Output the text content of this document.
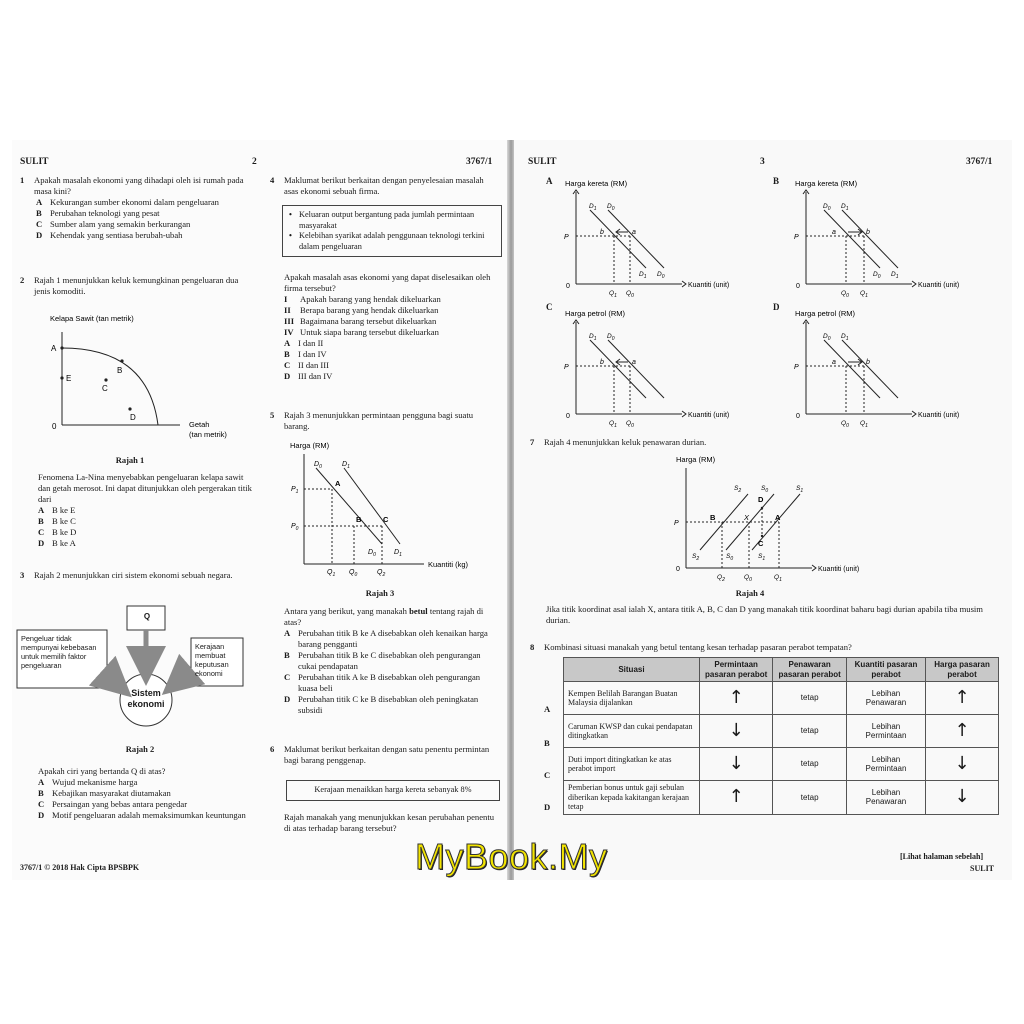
SULIT	2	3767/1
1 Apakah masalah ekonomi yang dihadapi oleh isi rumah pada masa kini?
A Kekurangan sumber ekonomi dalam pengeluaran
B Perubahan teknologi yang pesat
C Sumber alam yang semakin berkurangan
D Kehendak yang sentiasa berubah-ubah
2 Rajah 1 menunjukkan keluk kemungkinan pengeluaran dua jenis komoditi.
Kelapa Sawit (tan metrik)
A
E
B
C
D
0	Getah
(tan metrik)
Rajah 1
Fenomena La-Nina menyebabkan pengeluaran kelapa sawit dan getah merosot. Ini dapat ditunjukkan oleh pergerakan titik dari
A B ke E
B B ke C
C B ke D
D B ke A
3 Rajah 2 menunjukkan ciri sistem ekonomi sebuah negara.
Q
Pengeluar tidak mempunyai kebebasan untuk memilih faktor pengeluaran
Kerajaan membuat keputusan ekonomi
Sistem ekonomi
Rajah 2
Apakah ciri yang bertanda Q di atas?
A Wujud mekanisme harga
B Kebajikan masyarakat diutamakan
C Persaingan yang bebas antara pengedar
D Motif pengeluaran adalah memaksimumkan keuntungan
4 Maklumat berikut berkaitan dengan penyelesaian masalah asas ekonomi sebuah firma.
• Keluaran output bergantung pada jumlah permintaan masyarakat
• Kelebihan syarikat adalah penggunaan teknologi terkini dalam pengeluaran
Apakah masalah asas ekonomi yang dapat diselesaikan oleh firma tersebut?
I Apakah barang yang hendak dikeluarkan
II Berapa barang yang hendak dikeluarkan
III Bagaimana barang tersebut dikeluarkan
IV Untuk siapa barang tersebut dikeluarkan
A I dan II
B I dan IV
C II dan III
D III dan IV
5 Rajah 3 menunjukkan permintaan pengguna bagi suatu barang.
Harga (RM)
$D_0$	$D_1$
A
B	C
$D_0$	$D_1$
$P_1$
$P_0$
$Q_1$ $Q_0$	$Q_2$
Kuantiti (kg)
Rajah 3
Antara yang berikut, yang manakah betul tentang rajah di atas?
A Perubahan titik B ke A disebabkan oleh kenaikan harga barang pengganti
B Perubahan titik B ke C disebabkan oleh pengurangan cukai pendapatan
C Perubahan titik A ke B disebabkan oleh pengurangan kuasa beli
D Perubahan titik C ke B disebabkan oleh peningkatan subsidi
6 Maklumat berikut berkaitan dengan satu penentu permintan bagi barang penggenap.
Kerajaan menaikkan harga kereta sebanyak 8%
Rajah manakah yang menunjukkan kesan perubahan penentu di atas terhadap barang tersebut?
3767/1 © 2018 Hak Cipta BPSBPK
SULIT	3	3767/1
A Harga kereta (RM)
$D_1$ $D_0$
b	a
P
$D_1$ $D_0$
0
$Q_1$ $Q_0$
Kuantiti (unit)
B Harga kereta (RM)
$D_0$ $D_1$
a	b
P
$D_0$ $D_1$
0
$Q_0$ $Q_1$
Kuantiti (unit)
C
Harga petrol (RM)
$D_1$ $D_0$
b	a
P
0
$Q_1$ $Q_0$
Kuantiti (unit)
D
Harga petrol (RM)
$D_0$ $D_1$
a	b
P
0
$Q_0$ $Q_1$
Kuantiti (unit)
7 Rajah 4 menunjukkan keluk penawaran durian.
Harga (RM)
$S_2$	$S_0$	$S_1$
D
B	X	A
C
P
$S_2$	$S_0$	$S_1$
0
$Q_2$	$Q_0$	$Q_1$
Kuantiti (unit)
Rajah 4
Jika titik koordinat asal ialah X, antara titik A, B, C dan D yang manakah titik koordinat baharu bagi durian apabila tiba musim durian.
8 Kombinasi situasi manakah yang betul tentang kesan terhadap pasaran perabot tempatan?
A
B
C
D
Situasi	Permintaan pasaran perabot	Penawaran pasaran perabot	Kuantiti pasaran perabot	Harga pasaran perabot
Kempen Belilah Barangan Buatan Malaysia dijalankan	↑	tetap	Lebihan Penawaran	↑
Caruman KWSP dan cukai pendapatan ditingkatkan	↓	tetap	Lebihan Permintaan	↑
Duti import ditingkatkan ke atas perabot import	↓	tetap	Lebihan Permintaan	↓
Pemberian bonus untuk gaji sebulan diberikan kepada kakitangan kerajaan tetap	↑	tetap	Lebihan Penawaran	↓
[Lihat halaman sebelah]
SULIT
MyBook.My
